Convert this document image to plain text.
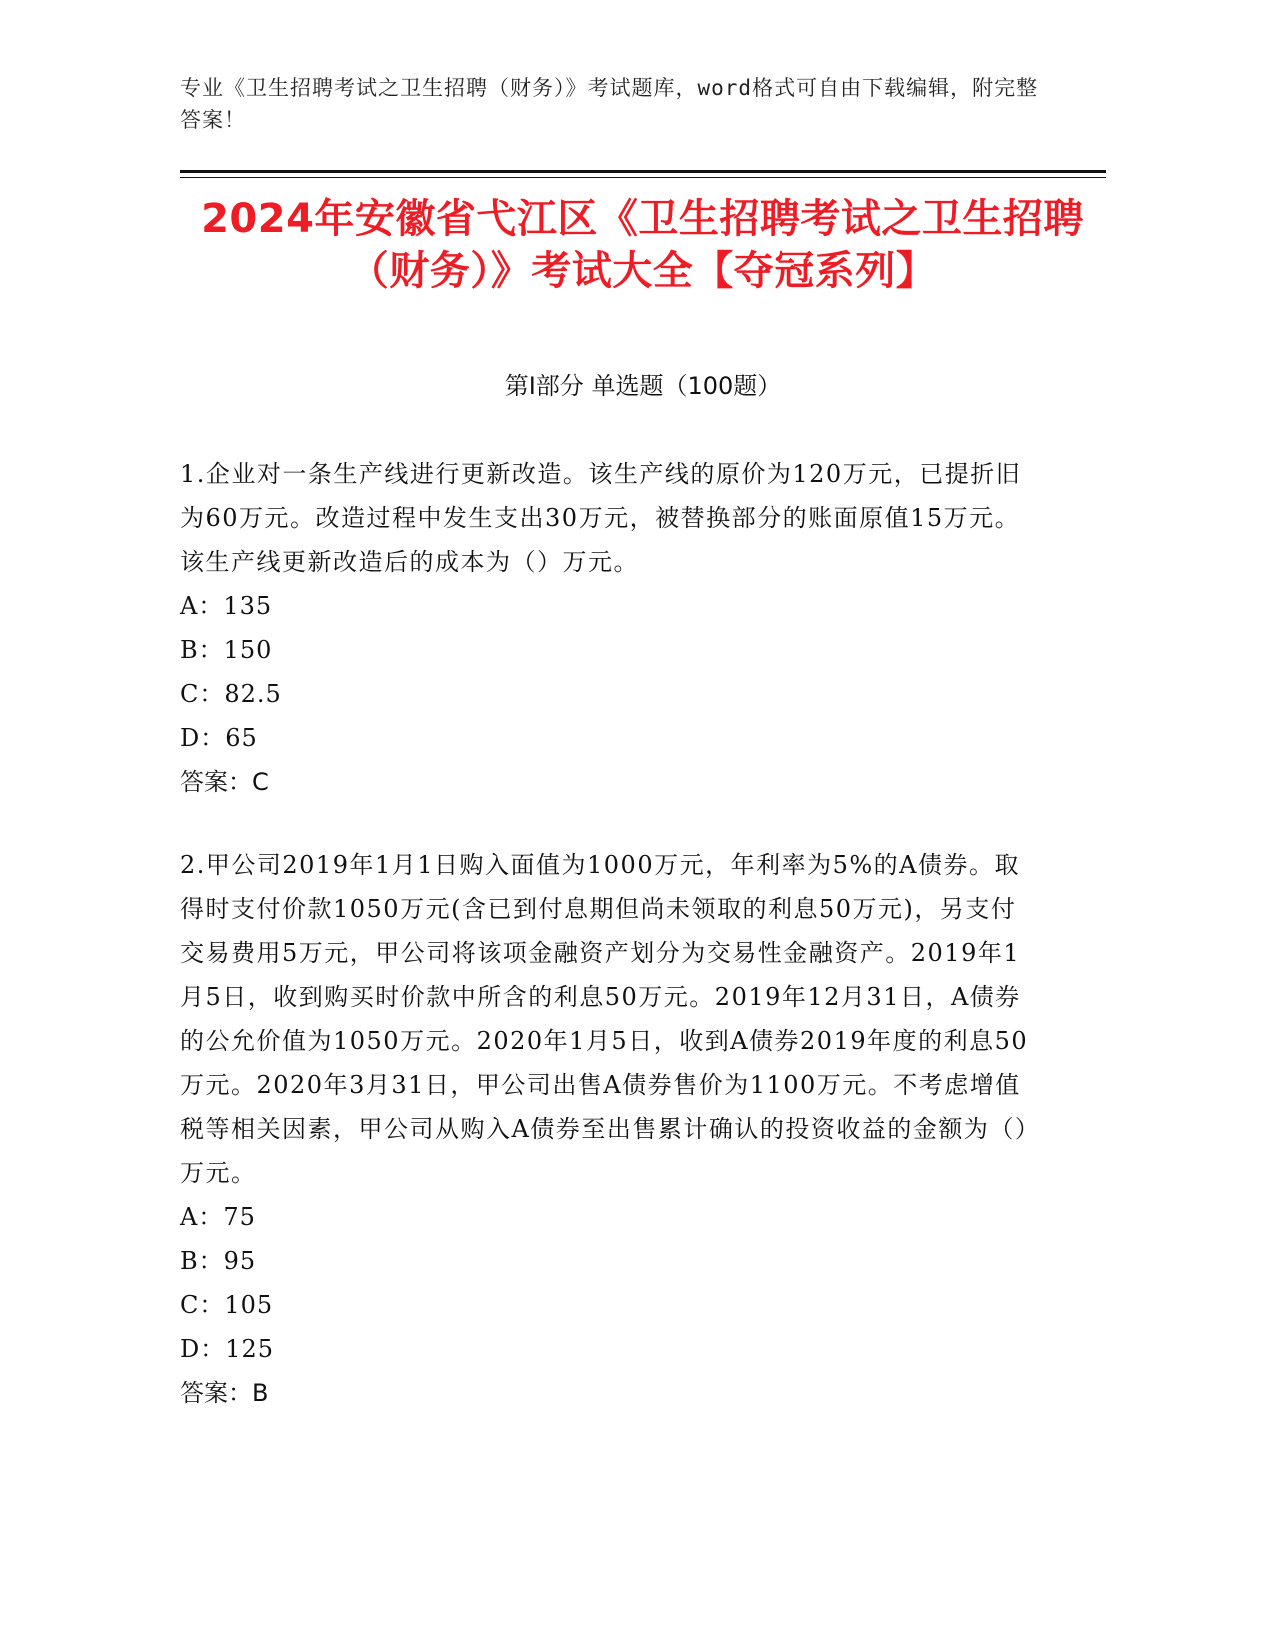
专业《卫生招聘考试之卫生招聘（财务）》考试题库，word格式可自由下载编辑，附完整答案！
2024年安徽省弋江区《卫生招聘考试之卫生招聘（财务）》考试大全【夺冠系列】
第Ⅰ部分 单选题（100题）

1.企业对一条生产线进行更新改造。该生产线的原价为120万元，已提折旧为60万元。改造过程中发生支出30万元，被替换部分的账面原值15万元。该生产线更新改造后的成本为（）万元。

A：135

B：150

C：82.5

D：65

答案：C

2.甲公司2019年1月1日购入面值为1000万元，年利率为5%的A债券。取得时支付价款1050万元(含已到付息期但尚未领取的利息50万元)，另支付交易费用5万元，甲公司将该项金融资产划分为交易性金融资产。2019年1月5日，收到购买时价款中所含的利息50万元。2019年12月31日，A债券的公允价值为1050万元。2020年1月5日，收到A债券2019年度的利息50万元。2020年3月31日，甲公司出售A债券售价为1100万元。不考虑增值税等相关因素，甲公司从购入A债券至出售累计确认的投资收益的金额为（）万元。

A：75

B：95

C：105

D：125

答案：B
